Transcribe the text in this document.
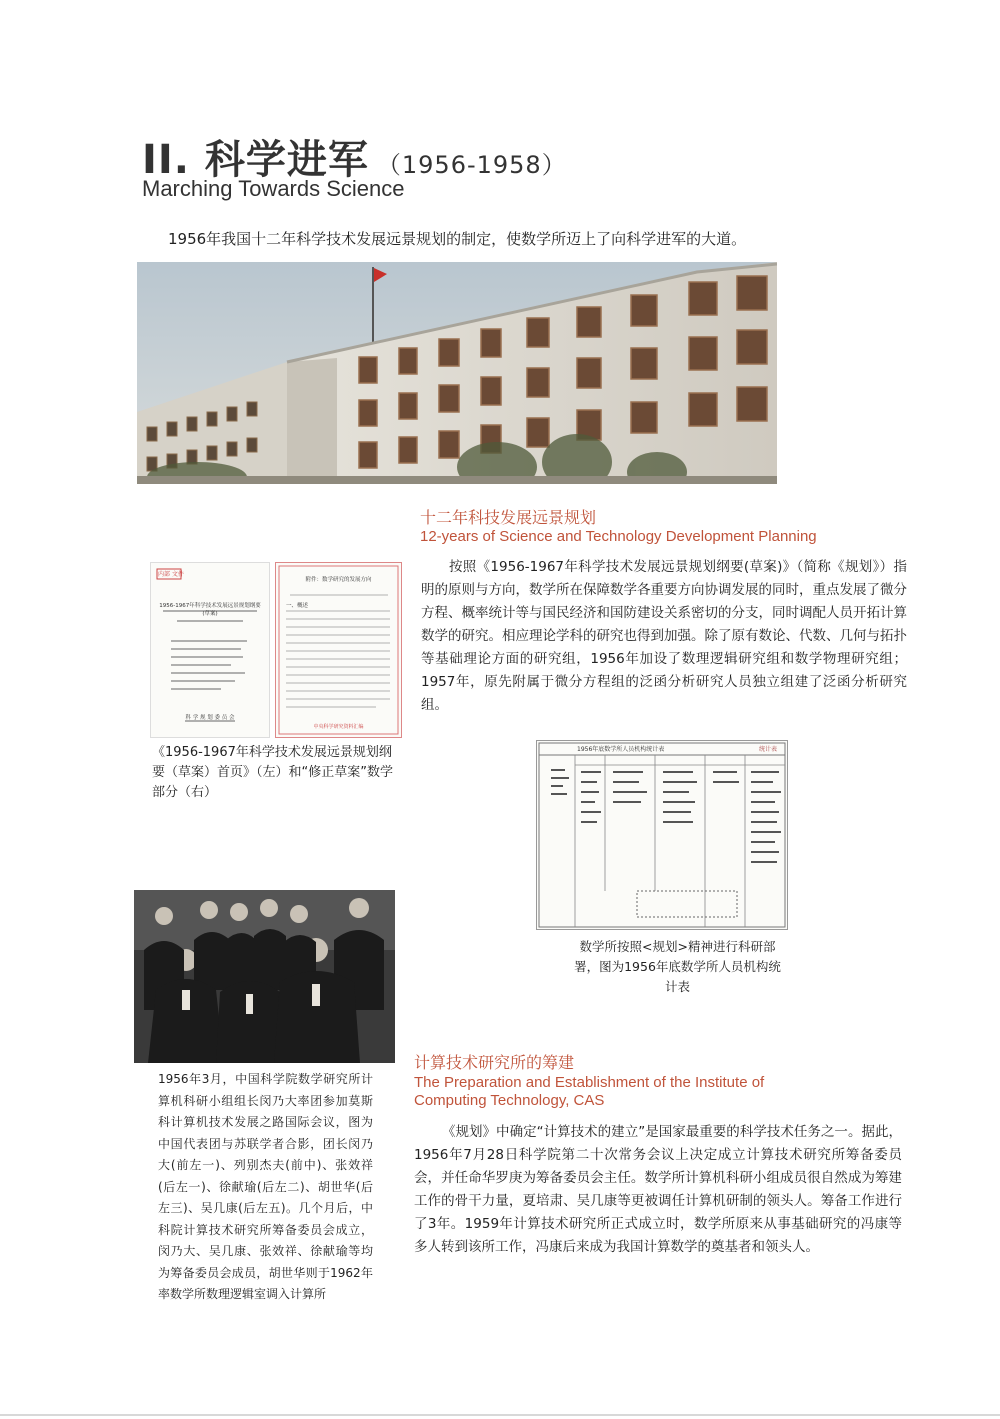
II. 科学进军 （1956-1958）
Marching Towards Science
1956年我国十二年科学技术发展远景规划的制定，使数学所迈上了向科学进军的大道。
十二年科技发展远景规划
12-years of Science and Technology Development Planning
按照《1956-1967年科学技术发展远景规划纲要(草案)》（简称《规划》）指明的原则与方向，数学所在保障数学各重要方向协调发展的同时，重点发展了微分方程、概率统计等与国民经济和国防建设关系密切的分支，同时调配人员开拓计算数学的研究。相应理论学科的研究也得到加强。除了原有数论、代数、几何与拓扑等基础理论方面的研究组，1956年加设了数理逻辑研究组和数学物理研究组；1957年，原先附属于微分方程组的泛函分析研究人员独立组建了泛函分析研究组。
内部 文件
1956-1967年科学技术发展远景规划纲要(草案)
科 学 规 划 委 员 会
附件：数学研究的发展方向
一、概述
中央科学研究资料汇编
《1956-1967年科学技术发展远景规划纲要（草案）首页》（左）和“修正草案”数学部分（右）
1956年底数学所人员机构统计表	统计表
数学所按照<规划>精神进行科研部署，图为1956年底数学所人员机构统计表
1956年3月，中国科学院数学研究所计算机科研小组组长闵乃大率团参加莫斯科计算机技术发展之路国际会议，图为中国代表团与苏联学者合影，团长闵乃大(前左一)、列别杰夫(前中)、张效祥(后左一)、徐献瑜(后左二)、胡世华(后左三)、吴几康(后左五)。几个月后，中科院计算技术研究所筹备委员会成立，闵乃大、吴几康、张效祥、徐献瑜等均为筹备委员会成员，胡世华则于1962年率数学所数理逻辑室调入计算所
计算技术研究所的筹建
The Preparation and Establishment of the Institute of Computing Technology, CAS
《规划》中确定“计算技术的建立”是国家最重要的科学技术任务之一。据此，1956年7月28日科学院第二十次常务会议上决定成立计算技术研究所筹备委员会，并任命华罗庚为筹备委员会主任。数学所计算机科研小组成员很自然成为筹建工作的骨干力量，夏培肃、吴几康等更被调任计算机研制的领头人。筹备工作进行了3年。1959年计算技术研究所正式成立时，数学所原来从事基础研究的冯康等多人转到该所工作，冯康后来成为我国计算数学的奠基者和领头人。
